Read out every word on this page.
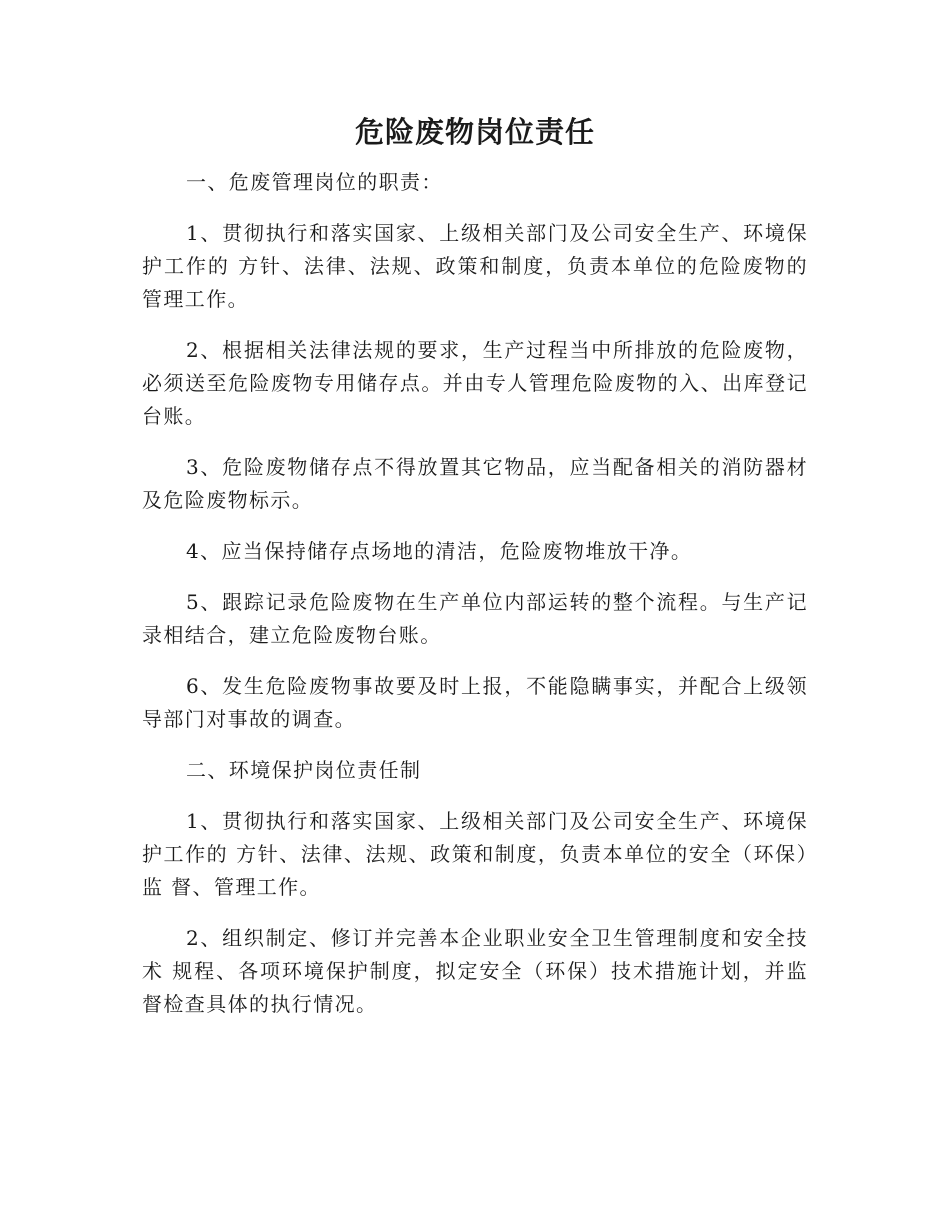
危险废物岗位责任

一、危废管理岗位的职责：

1、贯彻执行和落实国家、上级相关部门及公司安全生产、环境保护工作的 方针、法律、法规、政策和制度，负责本单位的危险废物的管理工作。

2、根据相关法律法规的要求，生产过程当中所排放的危险废物，必须送至危险废物专用储存点。并由专人管理危险废物的入、出库登记台账。

3、危险废物储存点不得放置其它物品，应当配备相关的消防器材及危险废物标示。

4、应当保持储存点场地的清洁，危险废物堆放干净。

5、跟踪记录危险废物在生产单位内部运转的整个流程。与生产记录相结合，建立危险废物台账。

6、发生危险废物事故要及时上报，不能隐瞒事实，并配合上级领导部门对事故的调查。

二、环境保护岗位责任制

1、贯彻执行和落实国家、上级相关部门及公司安全生产、环境保护工作的 方针、法律、法规、政策和制度，负责本单位的安全（环保）监 督、管理工作。

2、组织制定、修订并完善本企业职业安全卫生管理制度和安全技术 规程、各项环境保护制度，拟定安全（环保）技术措施计划，并监督检查具体的执行情况。
